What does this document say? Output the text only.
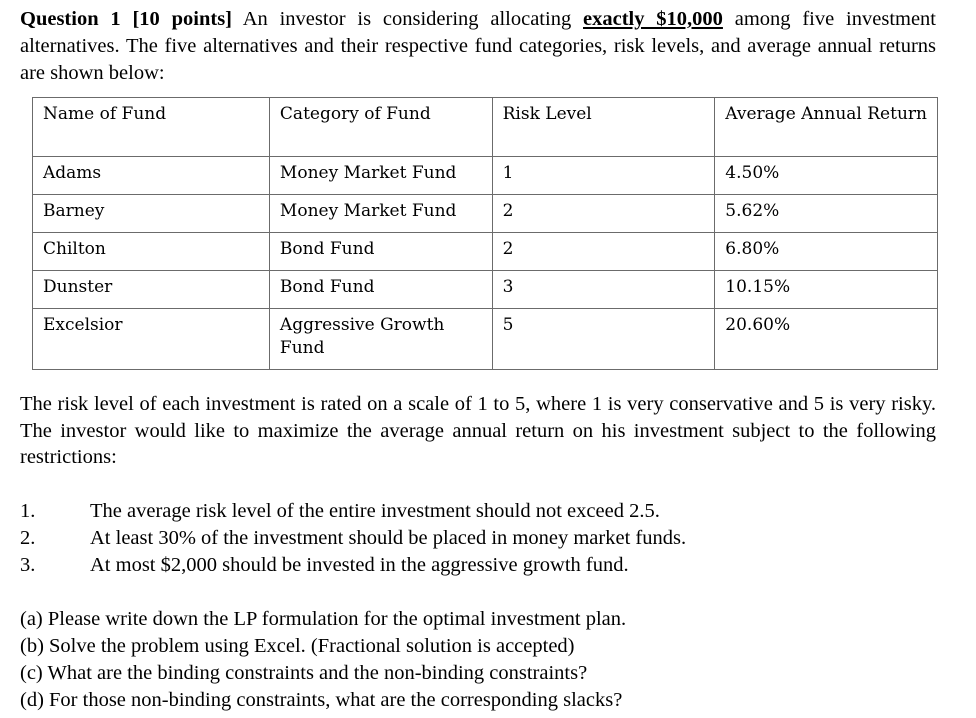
Question 1 [10 points] An investor is considering allocating exactly $10,000 among five investment alternatives. The five alternatives and their respective fund categories, risk levels, and average annual returns are shown below:

Name of Fund	Category of Fund	Risk Level	Average Annual Return
Adams	Money Market Fund	1	4.50%
Barney	Money Market Fund	2	5.62%
Chilton	Bond Fund	2	6.80%
Dunster	Bond Fund	3	10.15%
Excelsior	Aggressive Growth Fund	5	20.60%

The risk level of each investment is rated on a scale of 1 to 5, where 1 is very conservative and 5 is very risky. The investor would like to maximize the average annual return on his investment subject to the following restrictions:

1.	The average risk level of the entire investment should not exceed 2.5.
2.	At least 30% of the investment should be placed in money market funds.
3.	At most $2,000 should be invested in the aggressive growth fund.
(a) Please write down the LP formulation for the optimal investment plan.
(b) Solve the problem using Excel. (Fractional solution is accepted)
(c) What are the binding constraints and the non-binding constraints?
(d) For those non-binding constraints, what are the corresponding slacks?
